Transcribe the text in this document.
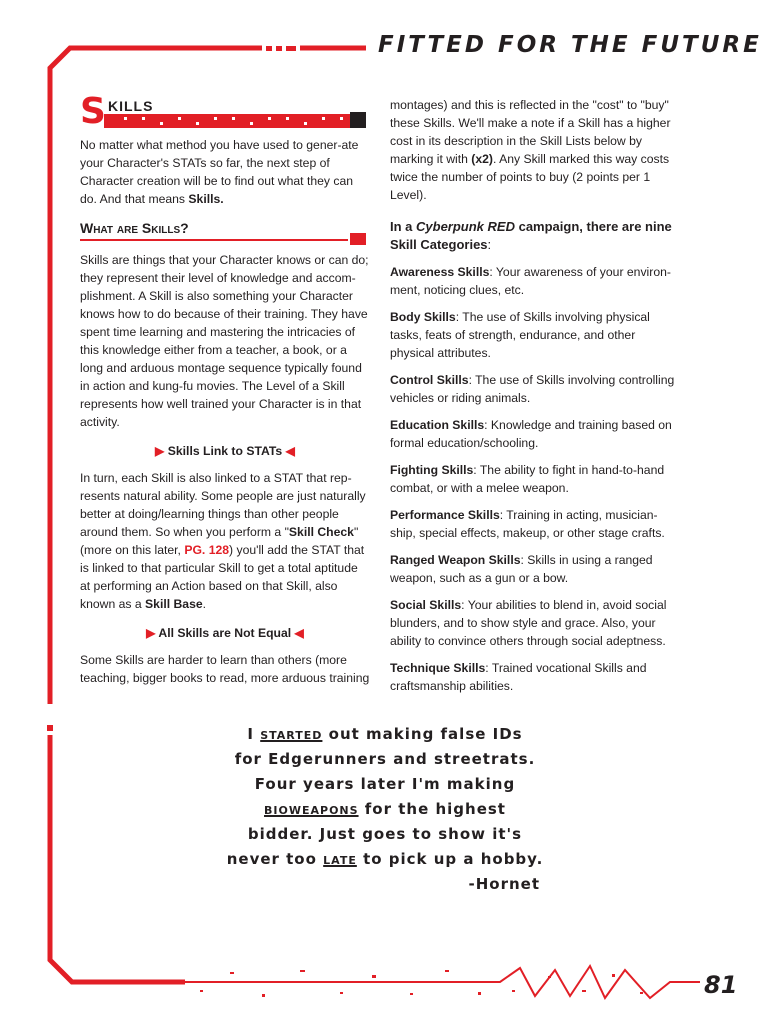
FITTED FOR THE FUTURE
S KILLS

No matter what method you have used to gener-ate your Character's STATs so far, the next step of Character creation will be to find out what they can do. And that means Skills.

What are Skills?

Skills are things that your Character knows or can do; they represent their level of knowledge and accom-plishment. A Skill is also something your Character knows how to do because of their training. They have spent time learning and mastering the intricacies of this knowledge either from a teacher, a book, or a long and arduous montage sequence typically found in action and kung-fu movies. The Level of a Skill represents how well trained your Character is in that activity.

▶ Skills Link to STATs ◀

In turn, each Skill is also linked to a STAT that rep-resents natural ability. Some people are just naturally better at doing/learning things than other people around them. So when you perform a "Skill Check" (more on this later, PG. 128) you'll add the STAT that is linked to that particular Skill to get a total aptitude at performing an Action based on that Skill, also known as a Skill Base.

▶ All Skills are Not Equal ◀

Some Skills are harder to learn than others (more teaching, bigger books to read, more arduous training

montages) and this is reflected in the "cost" to "buy" these Skills. We'll make a note if a Skill has a higher cost in its description in the Skill Lists below by marking it with (x2). Any Skill marked this way costs twice the number of points to buy (2 points per 1 Level).

In a Cyberpunk RED campaign, there are nine Skill Categories:
Awareness Skills: Your awareness of your environ-ment, noticing clues, etc.
Body Skills: The use of Skills involving physical tasks, feats of strength, endurance, and other physical attributes.
Control Skills: The use of Skills involving controlling vehicles or riding animals.
Education Skills: Knowledge and training based on formal education/schooling.
Fighting Skills: The ability to fight in hand-to-hand combat, or with a melee weapon.
Performance Skills: Training in acting, musician-ship, special effects, makeup, or other stage crafts.
Ranged Weapon Skills: Skills in using a ranged weapon, such as a gun or a bow.
Social Skills: Your abilities to blend in, avoid social blunders, and to show style and grace. Also, your ability to convince others through social adeptness.
Technique Skills: Trained vocational Skills and craftsmanship abilities.
I started out making false IDs
for Edgerunners and streetrats.
Four years later I'm making
bioweapons for the highest
bidder. Just goes to show it's
never too late to pick up a hobby.
-Hornet
81
